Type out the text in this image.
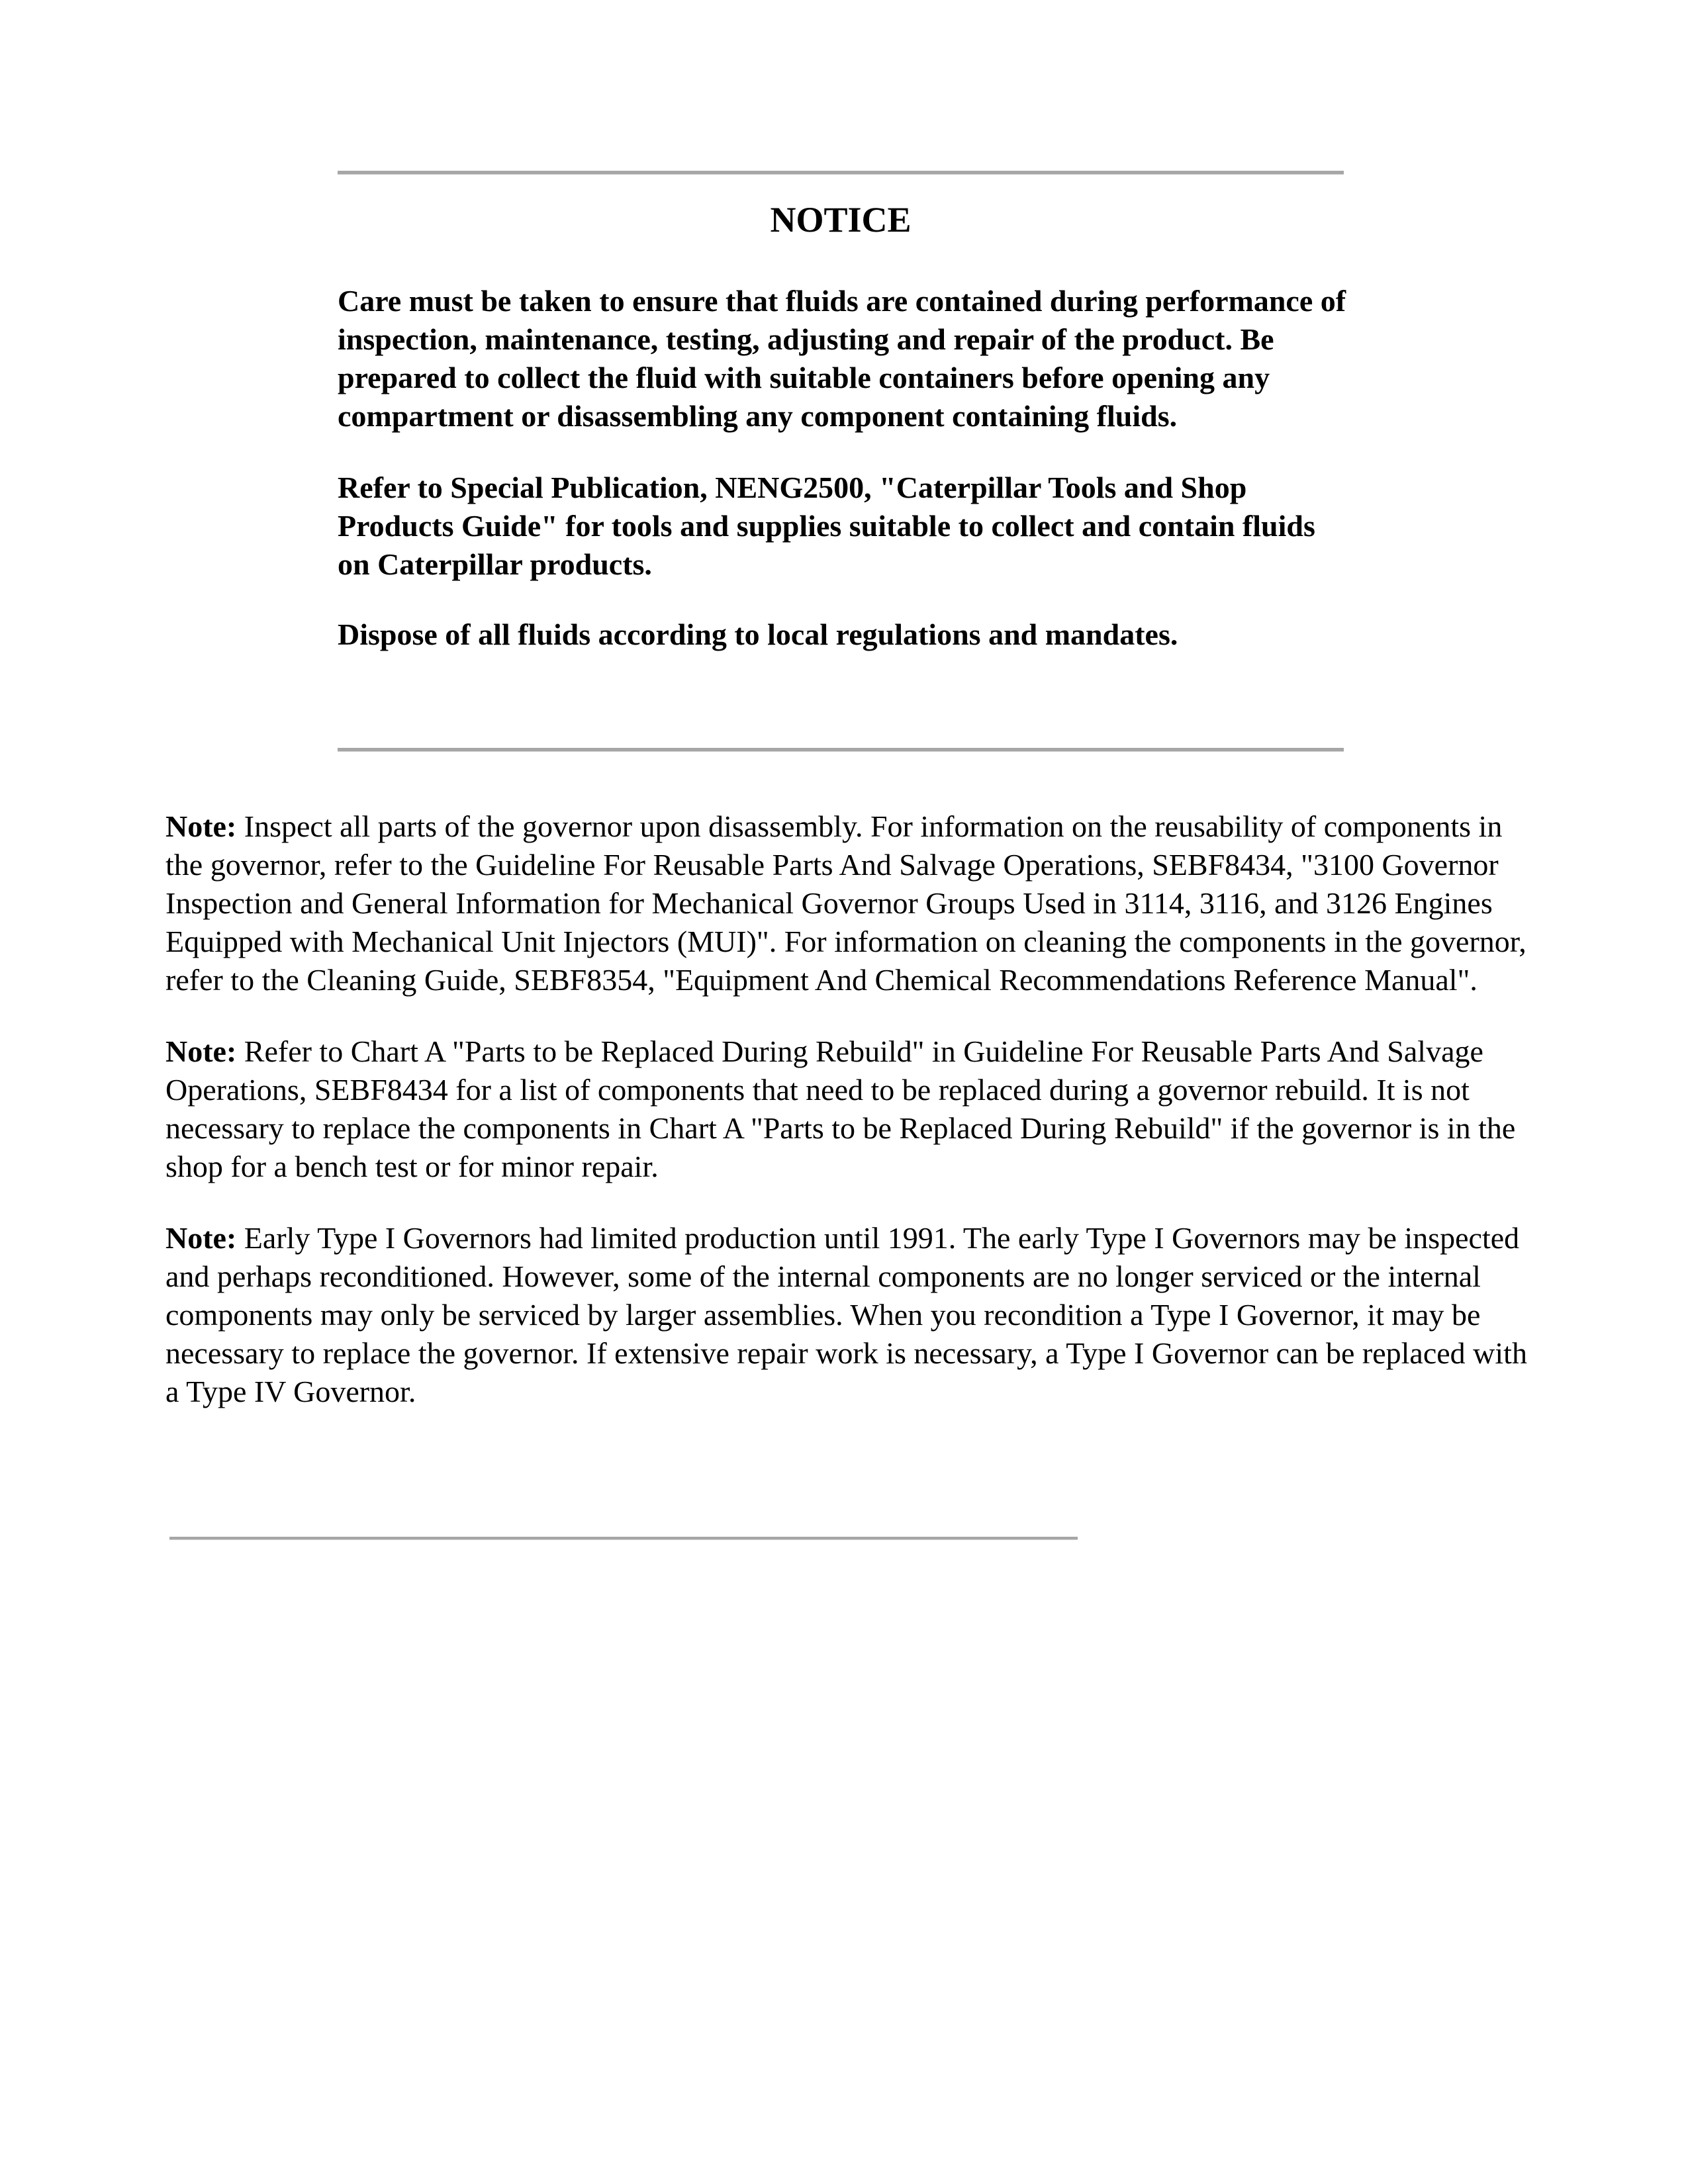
NOTICE

Care must be taken to ensure that fluids are contained during performance of inspection, maintenance, testing, adjusting and repair of the product. Be prepared to collect the fluid with suitable containers before opening any compartment or disassembling any component containing fluids.

Refer to Special Publication, NENG2500, "Caterpillar Tools and Shop Products Guide" for tools and supplies suitable to collect and contain fluids on Caterpillar products.

Dispose of all fluids according to local regulations and mandates.

Note: Inspect all parts of the governor upon disassembly. For information on the reusability of components in the governor, refer to the Guideline For Reusable Parts And Salvage Operations, SEBF8434, "3100 Governor Inspection and General Information for Mechanical Governor Groups Used in 3114, 3116, and 3126 Engines Equipped with Mechanical Unit Injectors (MUI)". For information on cleaning the components in the governor, refer to the Cleaning Guide, SEBF8354, "Equipment And Chemical Recommendations Reference Manual".

Note: Refer to Chart A "Parts to be Replaced During Rebuild" in Guideline For Reusable Parts And Salvage Operations, SEBF8434 for a list of components that need to be replaced during a governor rebuild. It is not necessary to replace the components in Chart A "Parts to be Replaced During Rebuild" if the governor is in the shop for a bench test or for minor repair.

Note: Early Type I Governors had limited production until 1991. The early Type I Governors may be inspected and perhaps reconditioned. However, some of the internal components are no longer serviced or the internal components may only be serviced by larger assemblies. When you recondition a Type I Governor, it may be necessary to replace the governor. If extensive repair work is necessary, a Type I Governor can be replaced with a Type IV Governor.
